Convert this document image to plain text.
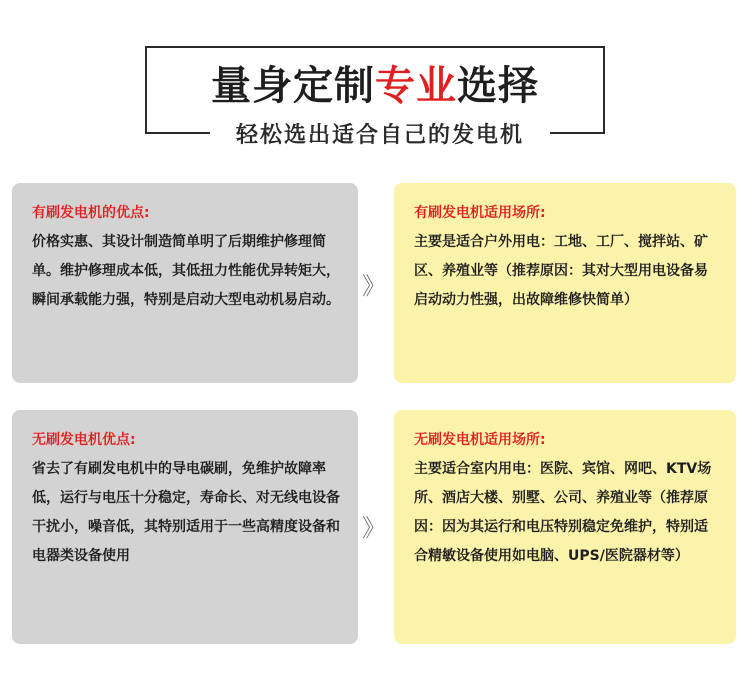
量身定制专业选择
轻松选出适合自己的发电机
有刷发电机的优点:
价格实惠、其设计制造简单明了后期维护修理简单。维护修理成本低，其低扭力性能优异转矩大，瞬间承载能力强，特别是启动大型电动机易启动。 》
有刷发电机适用场所:
主要是适合户外用电：工地、工厂、搅拌站、矿区、养殖业等（推荐原因：其对大型用电设备易启动动力性强，出故障维修快简单）
无刷发电机优点:
省去了有刷发电机中的导电碳刷，免维护故障率低，运行与电压十分稳定，寿命长、对无线电设备干扰小，噪音低，其特别适用于一些高精度设备和电器类设备使用
》
无刷发电机适用场所:
主要适合室内用电：医院、宾馆、网吧、KTV场所、酒店大楼、别墅、公司、养殖业等（推荐原因：因为其运行和电压特别稳定免维护，特别适合精敏设备使用如电脑、UPS/医院器材等）
